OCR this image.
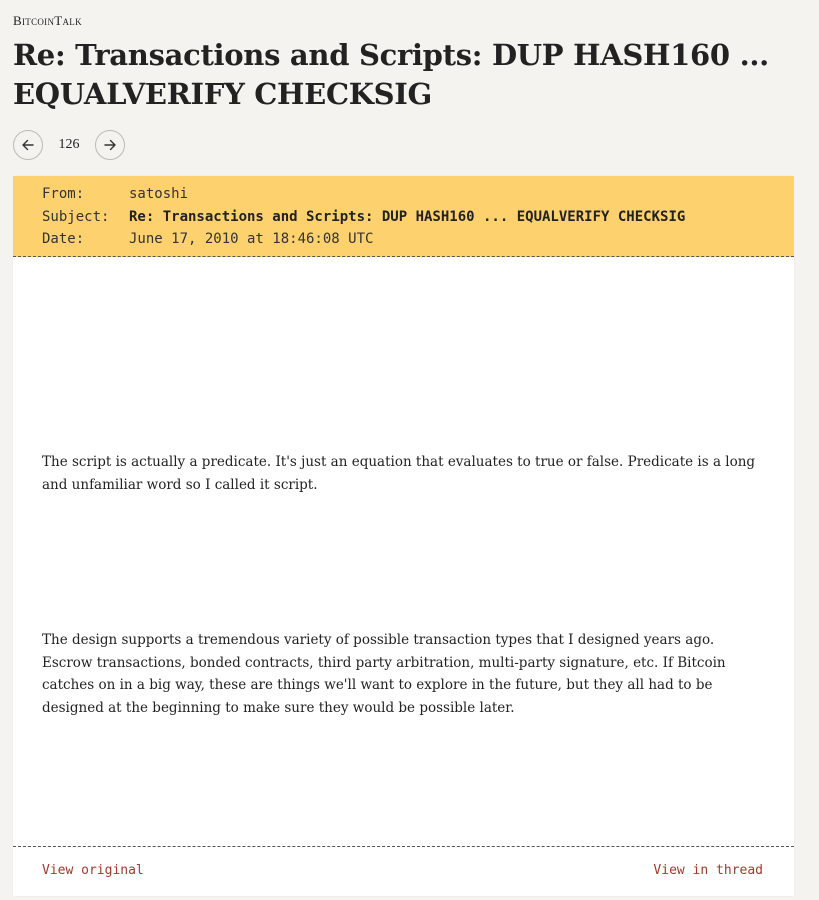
BitcoinTalk
Re: Transactions and Scripts: DUP HASH160 ... EQUALVERIFY CHECKSIG
126
From:	satoshi
Subject: Re: Transactions and Scripts: DUP HASH160 ... EQUALVERIFY CHECKSIG
Date:	June 17, 2010 at 18:46:08 UTC

The script is actually a predicate. It's just an equation that evaluates to true or false. Predicate is a long and unfamiliar word so I called it script.

The design supports a tremendous variety of possible transaction types that I designed years ago. Escrow transactions, bonded contracts, third party arbitration, multi-party signature, etc. If Bitcoin catches on in a big way, these are things we'll want to explore in the future, but they all had to be designed at the beginning to make sure they would be possible later.

View original	View in thread
